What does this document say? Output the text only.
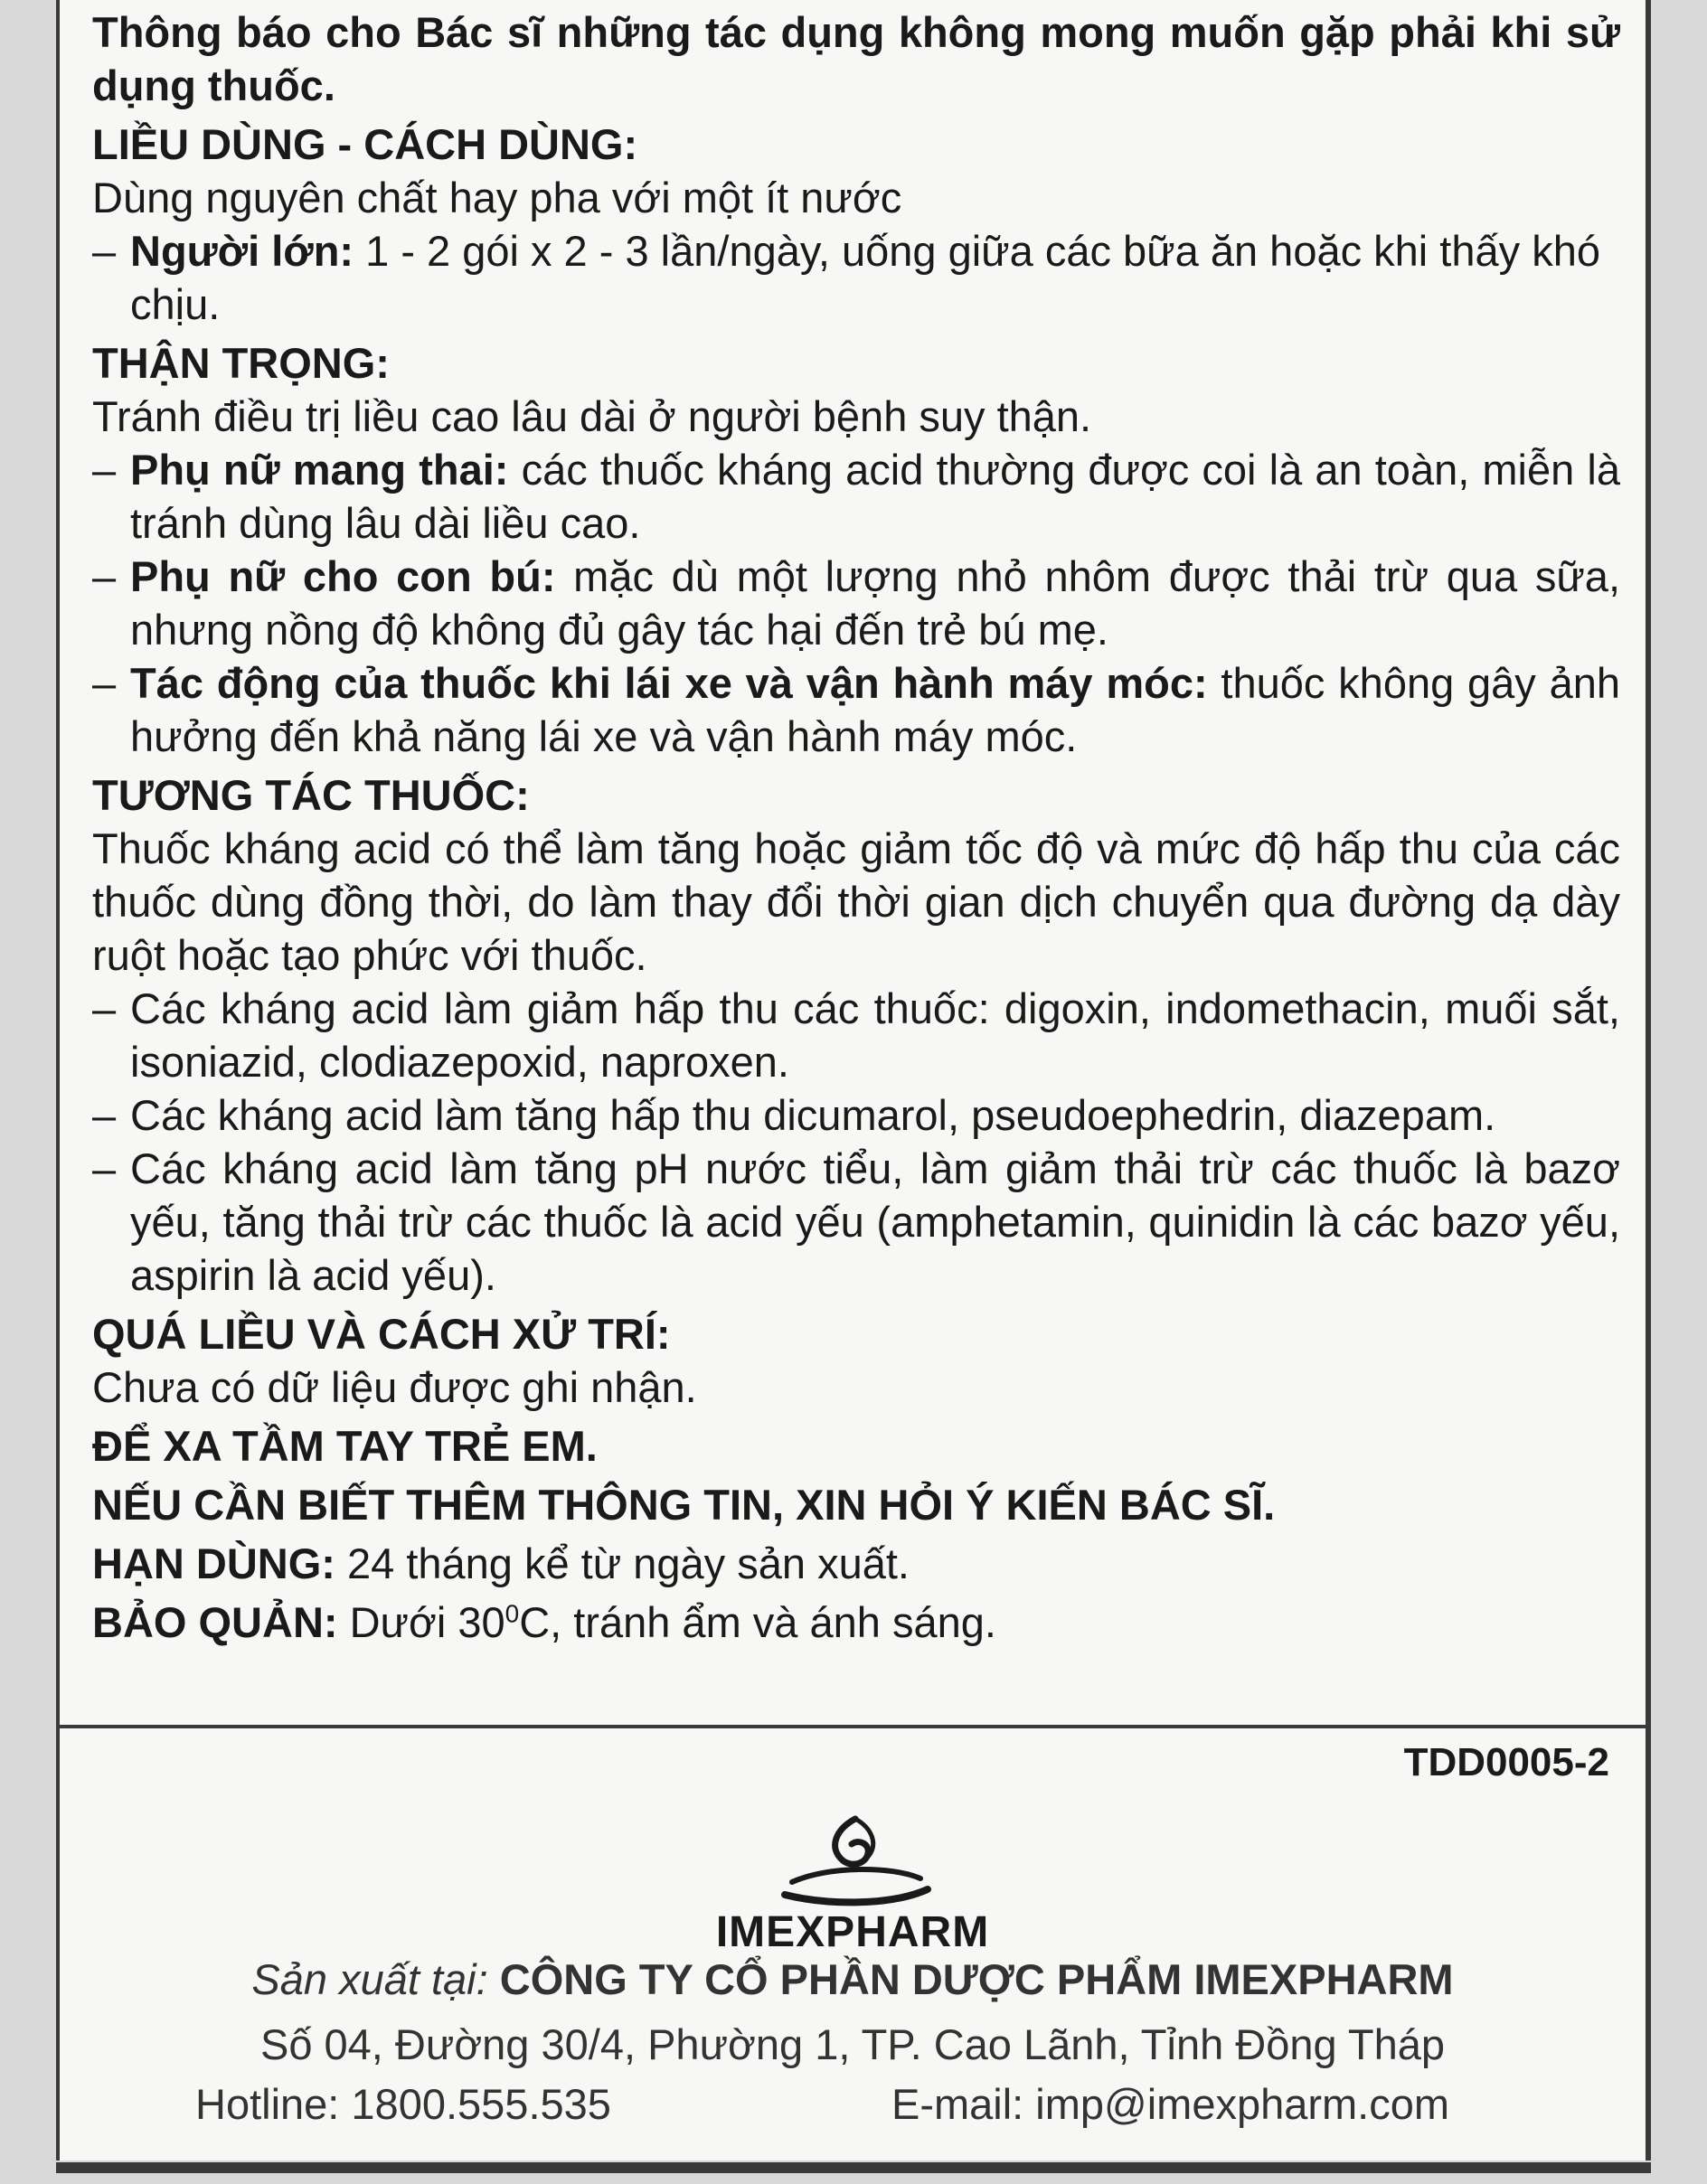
Thông báo cho Bác sĩ những tác dụng không mong muốn gặp phải khi sử dụng thuốc.

LIỀU DÙNG - CÁCH DÙNG:

Dùng nguyên chất hay pha với một ít nước

– Người lớn: 1 - 2 gói x 2 - 3 lần/ngày, uống giữa các bữa ăn hoặc khi thấy khó chịu.

THẬN TRỌNG:

Tránh điều trị liều cao lâu dài ở người bệnh suy thận.

– Phụ nữ mang thai: các thuốc kháng acid thường được coi là an toàn, miễn là tránh dùng lâu dài liều cao.

– Phụ nữ cho con bú: mặc dù một lượng nhỏ nhôm được thải trừ qua sữa, nhưng nồng độ không đủ gây tác hại đến trẻ bú mẹ.

– Tác động của thuốc khi lái xe và vận hành máy móc: thuốc không gây ảnh hưởng đến khả năng lái xe và vận hành máy móc.

TƯƠNG TÁC THUỐC:

Thuốc kháng acid có thể làm tăng hoặc giảm tốc độ và mức độ hấp thu của các thuốc dùng đồng thời, do làm thay đổi thời gian dịch chuyển qua đường dạ dày ruột hoặc tạo phức với thuốc.

– Các kháng acid làm giảm hấp thu các thuốc: digoxin, indomethacin, muối sắt, isoniazid, clodiazepoxid, naproxen.

– Các kháng acid làm tăng hấp thu dicumarol, pseudoephedrin, diazepam.

– Các kháng acid làm tăng pH nước tiểu, làm giảm thải trừ các thuốc là bazơ yếu, tăng thải trừ các thuốc là acid yếu (amphetamin, quinidin là các bazơ yếu, aspirin là acid yếu).

QUÁ LIỀU VÀ CÁCH XỬ TRÍ:

Chưa có dữ liệu được ghi nhận.

ĐỂ XA TẦM TAY TRẺ EM.

NẾU CẦN BIẾT THÊM THÔNG TIN, XIN HỎI Ý KIẾN BÁC SĨ.

HẠN DÙNG: 24 tháng kể từ ngày sản xuất.

BẢO QUẢN: Dưới $30^0C$, tránh ẩm và ánh sáng.

TDD0005-2
IMEXPHARM
Sản xuất tại: CÔNG TY CỔ PHẦN DƯỢC PHẨM IMEXPHARM
Số 04, Đường 30/4, Phường 1, TP. Cao Lãnh, Tỉnh Đồng Tháp
Hotline: 1800.555.535	E-mail: imp@imexpharm.com
